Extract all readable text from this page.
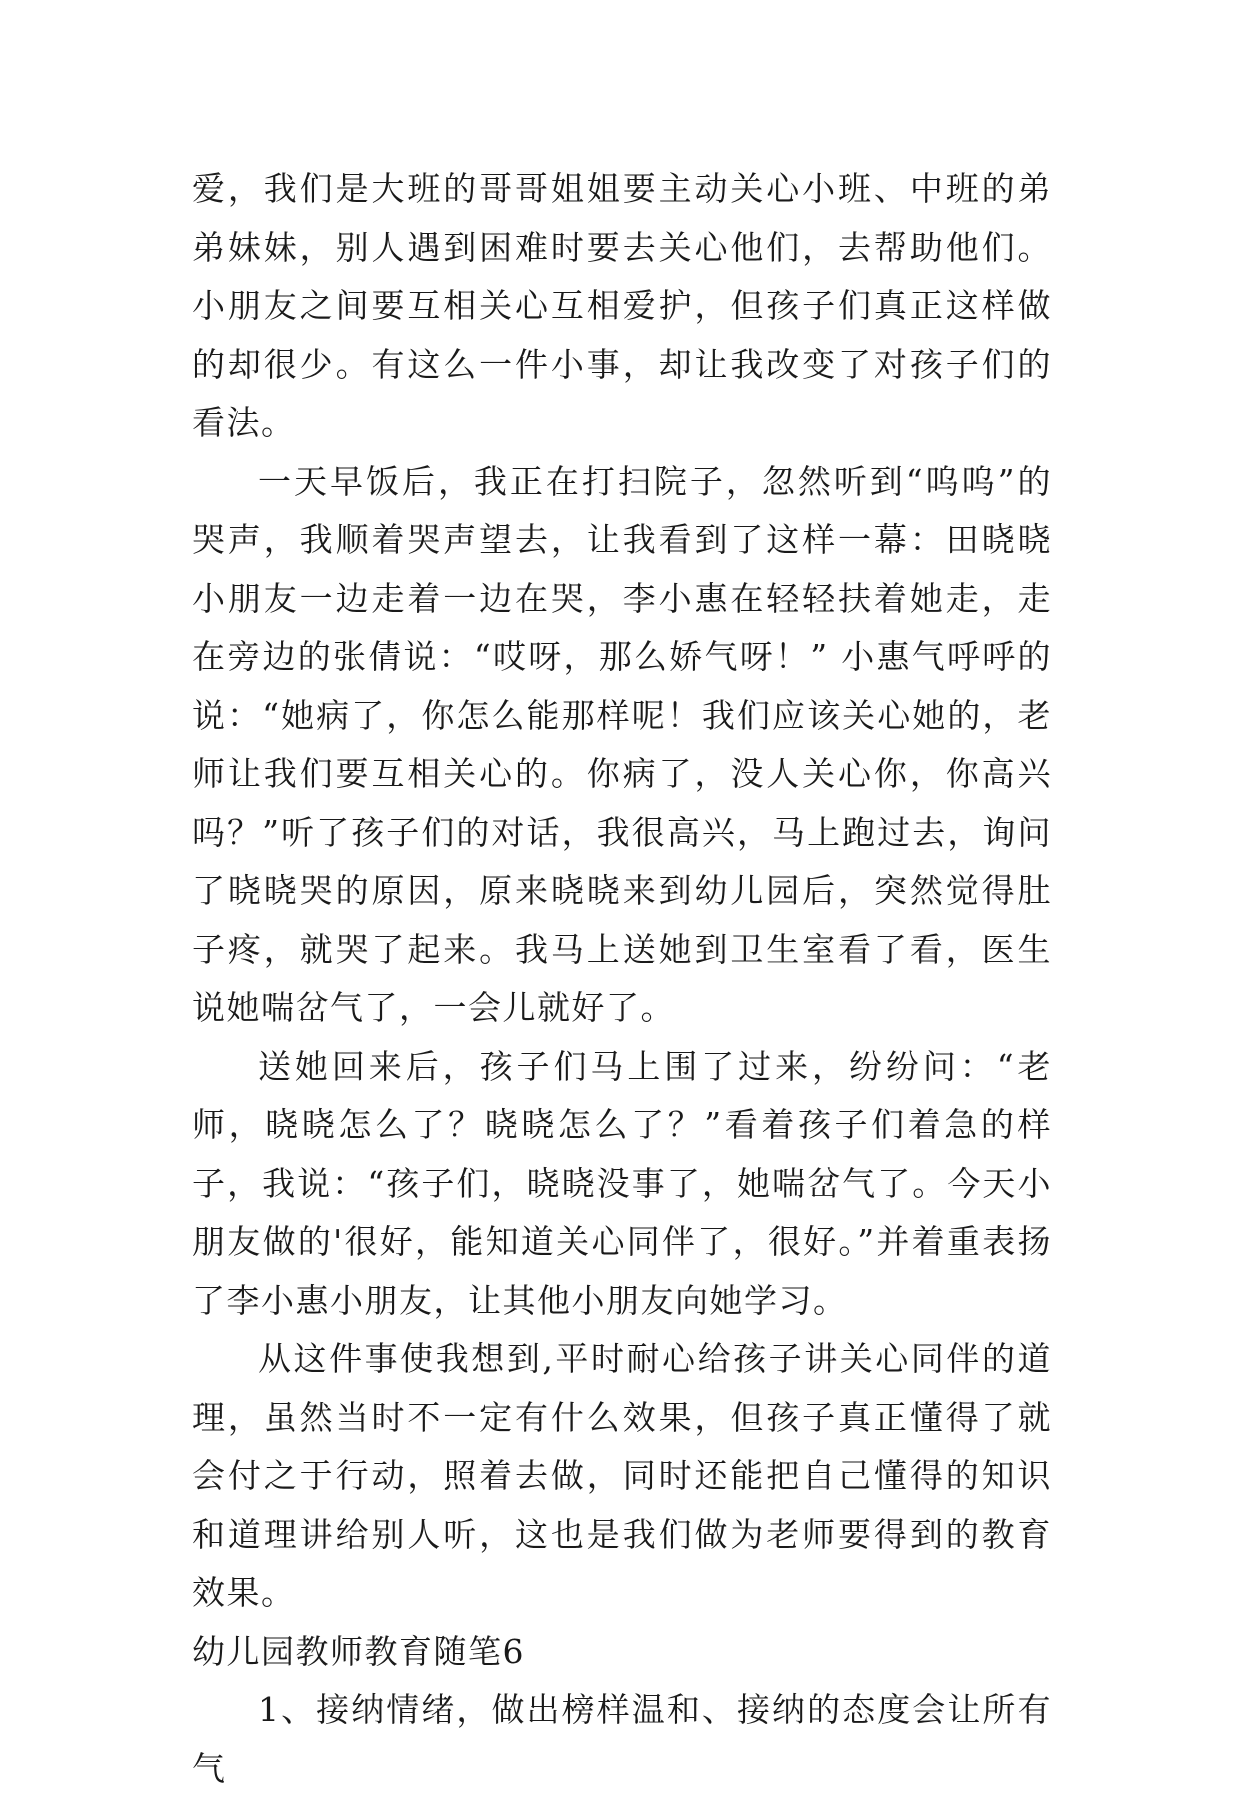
爱，我们是大班的哥哥姐姐要主动关心小班、中班的弟弟妹妹，别人遇到困难时要去关心他们，去帮助他们。小朋友之间要互相关心互相爱护，但孩子们真正这样做的却很少。有这么一件小事，却让我改变了对孩子们的看法。

一天早饭后，我正在打扫院子，忽然听到“呜呜”的哭声，我顺着哭声望去，让我看到了这样一幕：田晓晓小朋友一边走着一边在哭，李小惠在轻轻扶着她走，走在旁边的张倩说：“哎呀，那么娇气呀！” 小惠气呼呼的说：“她病了，你怎么能那样呢！我们应该关心她的，老师让我们要互相关心的。你病了，没人关心你，你高兴吗？”听了孩子们的对话，我很高兴，马上跑过去，询问了晓晓哭的原因，原来晓晓来到幼儿园后，突然觉得肚子疼，就哭了起来。我马上送她到卫生室看了看，医生说她喘岔气了，一会儿就好了。

送她回来后，孩子们马上围了过来，纷纷问：“老师，晓晓怎么了？晓晓怎么了？”看着孩子们着急的样子，我说：“孩子们，晓晓没事了，她喘岔气了。今天小朋友做的'很好，能知道关心同伴了，很好。”并着重表扬了李小惠小朋友，让其他小朋友向她学习。

从这件事使我想到,平时耐心给孩子讲关心同伴的道理，虽然当时不一定有什么效果，但孩子真正懂得了就会付之于行动，照着去做，同时还能把自己懂得的知识和道理讲给别人听，这也是我们做为老师要得到的教育效果。

幼儿园教师教育随笔6

1、接纳情绪，做出榜样温和、接纳的态度会让所有气
